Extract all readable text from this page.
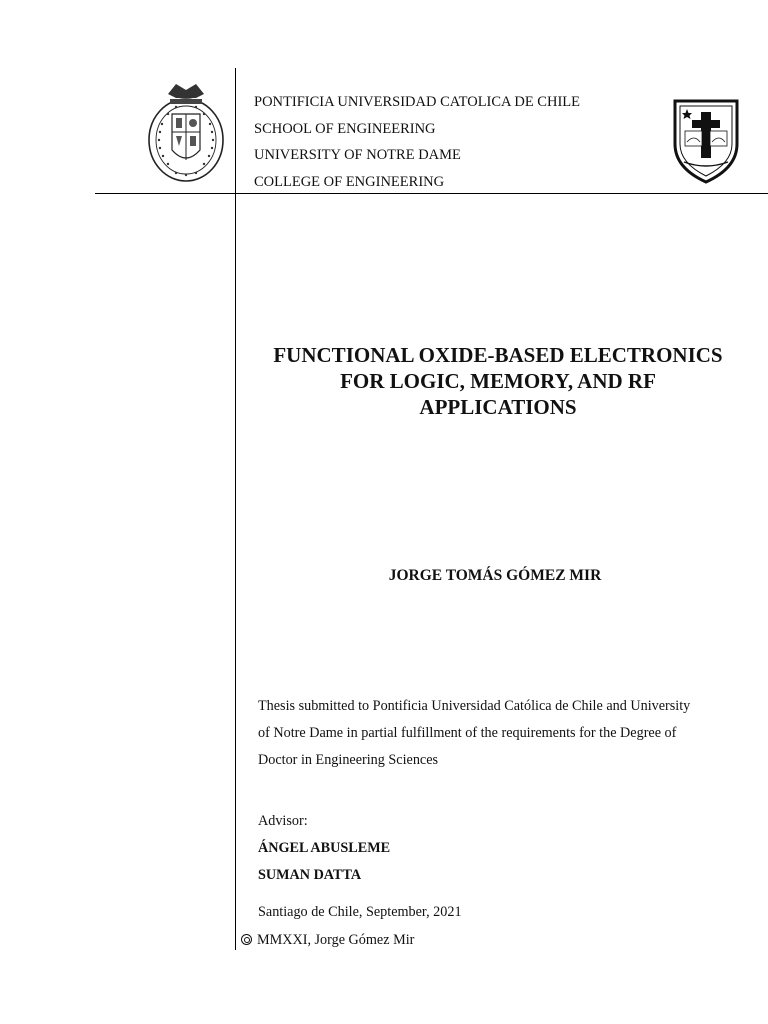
PONTIFICIA UNIVERSIDAD CATOLICA DE CHILE
SCHOOL OF ENGINEERING
UNIVERSITY OF NOTRE DAME
COLLEGE OF ENGINEERING
FUNCTIONAL OXIDE-BASED ELECTRONICS
FOR LOGIC, MEMORY, AND RF
APPLICATIONS
JORGE TOMÁS GÓMEZ MIR
Thesis submitted to Pontificia Universidad Católica de Chile and University
of Notre Dame in partial fulfillment of the requirements for the Degree of
Doctor in Engineering Sciences
Advisor:
ÁNGEL ABUSLEME
SUMAN DATTA
Santiago de Chile, September, 2021
MMXXI, Jorge Gómez Mir
